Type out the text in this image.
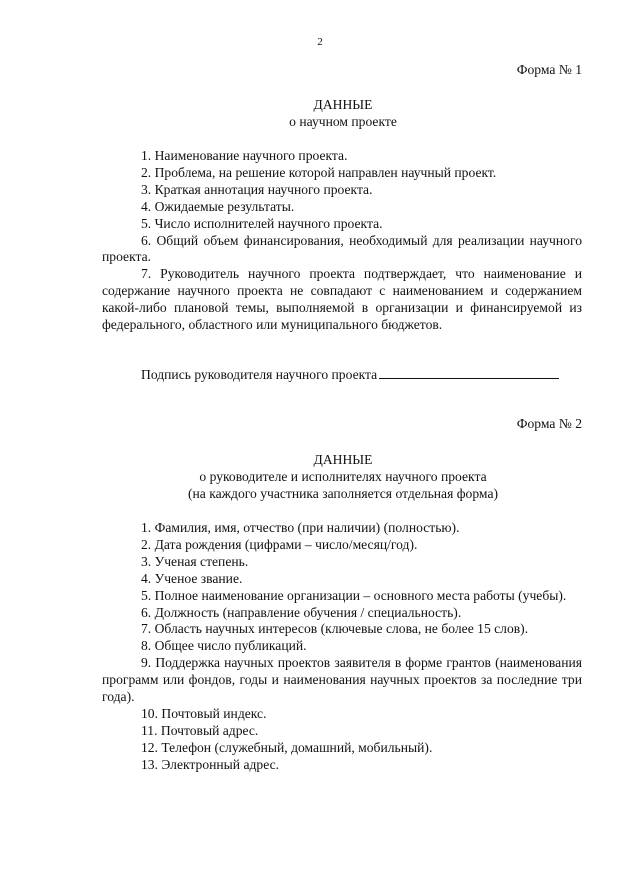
2
Форма № 1
ДАННЫЕ
о научном проекте

1. Наименование научного проекта.

2. Проблема, на решение которой направлен научный проект.

3. Краткая аннотация научного проекта.

4. Ожидаемые результаты.

5. Число исполнителей научного проекта.

6. Общий объем финансирования, необходимый для реализации научного проекта.

7. Руководитель научного проекта подтверждает, что наименование и содержание научного проекта не совпадают с наименованием и содержанием какой-либо плановой темы, выполняемой в организации и финансируемой из федерального, областного или муниципального бюджетов.

Подпись руководителя научного проекта
Форма № 2
ДАННЫЕ
о руководителе и исполнителях научного проекта
(на каждого участника заполняется отдельная форма)

1. Фамилия, имя, отчество (при наличии) (полностью).

2. Дата рождения (цифрами – число/месяц/год).

3. Ученая степень.

4. Ученое звание.

5. Полное наименование организации – основного места работы (учебы).

6. Должность (направление обучения / специальность).

7. Область научных интересов (ключевые слова, не более 15 слов).

8. Общее число публикаций.

9. Поддержка научных проектов заявителя в форме грантов (наименования программ или фондов, годы и наименования научных проектов за последние три года).

10. Почтовый индекс.

11. Почтовый адрес.

12. Телефон (служебный, домашний, мобильный).

13. Электронный адрес.
